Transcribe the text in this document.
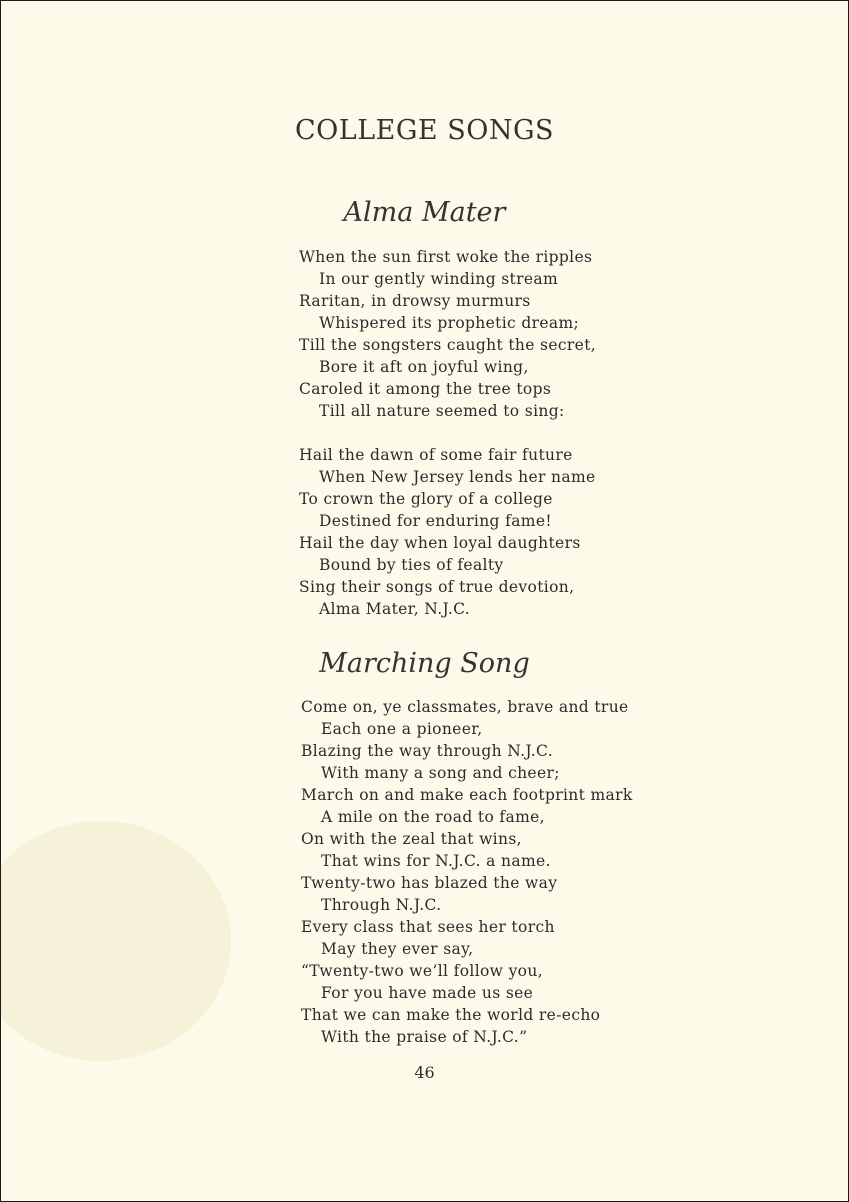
COLLEGE SONGS
Alma Mater
When the sun first woke the ripples
In our gently winding stream
Raritan, in drowsy murmurs
Whispered its prophetic dream;
Till the songsters caught the secret,
Bore it aft on joyful wing,
Caroled it among the tree tops
Till all nature seemed to sing:
Hail the dawn of some fair future
When New Jersey lends her name
To crown the glory of a college
Destined for enduring fame!
Hail the day when loyal daughters
Bound by ties of fealty
Sing their songs of true devotion,
Alma Mater, N.J.C.
Marching Song
Come on, ye classmates, brave and true
Each one a pioneer,
Blazing the way through N.J.C.
With many a song and cheer;
March on and make each footprint mark
A mile on the road to fame,
On with the zeal that wins,
That wins for N.J.C. a name.
Twenty-two has blazed the way
Through N.J.C.
Every class that sees her torch
May they ever say,
“Twenty-two we’ll follow you,
For you have made us see
That we can make the world re-echo
With the praise of N.J.C.”
46
